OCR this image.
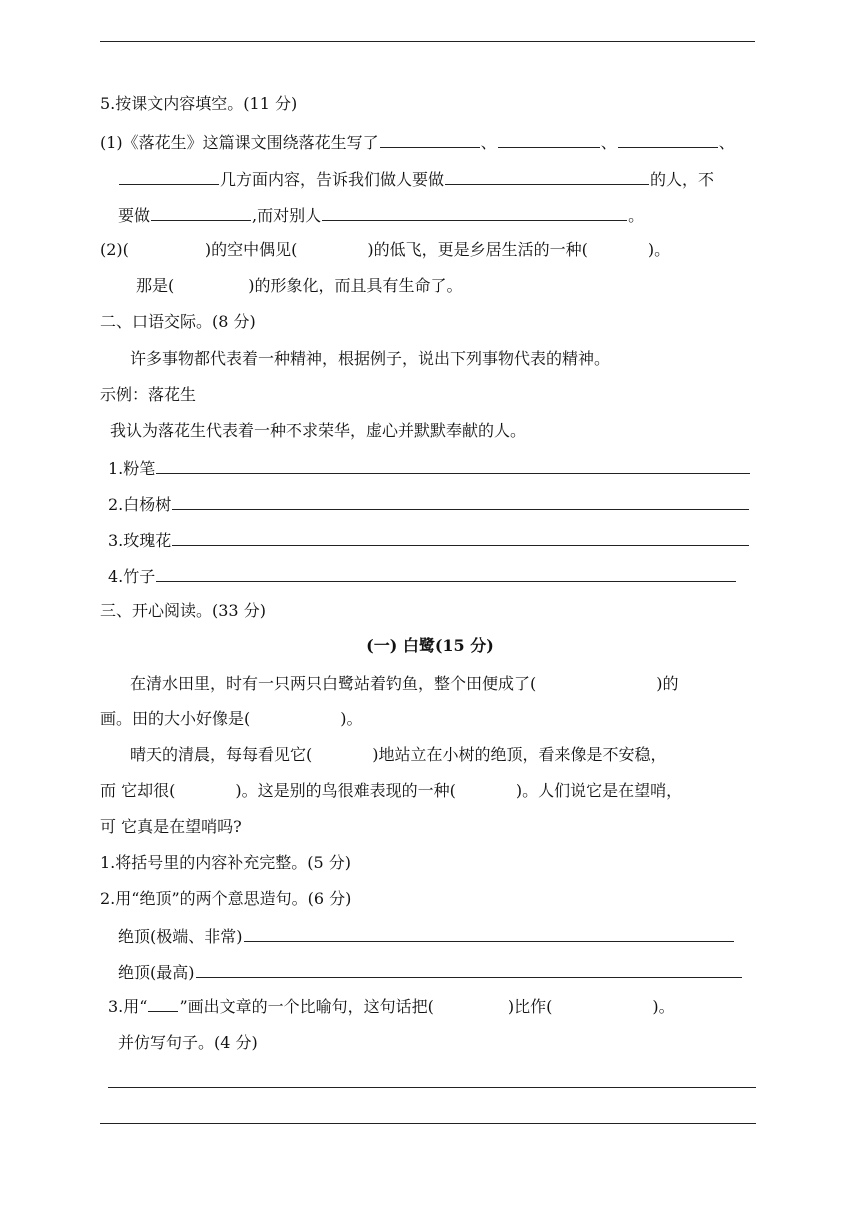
5.按课文内容填空。(11 分)
(1)《落花生》这篇课文围绕落花生写了	、	、	、
几方面内容，告诉我们做人要做	的人，不
要做	,而对别人	。
(2)(	)的空中偶见(	)的低飞，更是乡居生活的一种(	)。
那是(	)的形象化，而且具有生命了。
二、口语交际。(8 分)
许多事物都代表着一种精神，根据例子，说出下列事物代表的精神。
示例：落花生
我认为落花生代表着一种不求荣华，虚心并默默奉献的人。
1.粉笔
2.白杨树
3.玫瑰花
4.竹子
三、开心阅读。(33 分)
(一) 白鹭(15 分)
在清水田里，时有一只两只白鹭站着钓鱼，整个田便成了(	)的
画。田的大小好像是(	)。
晴天的清晨，每每看见它(	)地站立在小树的绝顶，看来像是不安稳，
而 它却很(	)。这是别的鸟很难表现的一种(	)。人们说它是在望哨，
可 它真是在望哨吗?
1.将括号里的内容补充完整。(5 分)
2.用“绝顶”的两个意思造句。(6 分)
绝顶(极端、非常)
绝顶(最高)
3.用“ ”画出文章的一个比喻句，这句话把(	)比作(	)。
并仿写句子。(4 分)
